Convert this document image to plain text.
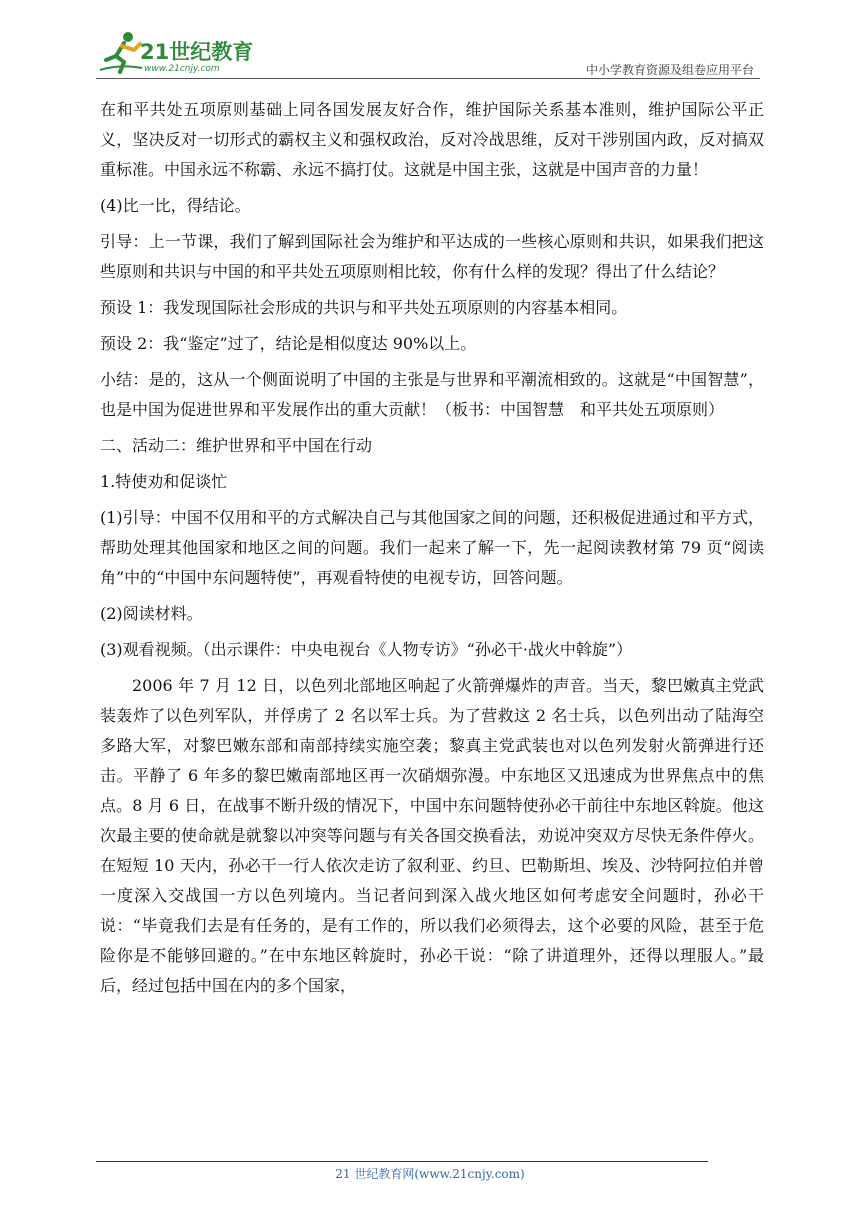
21世纪教育
www.21cnjy.com	中小学教育资源及组卷应用平台

在和平共处五项原则基础上同各国发展友好合作，维护国际关系基本准则，维护国际公平正义，坚决反对一切形式的霸权主义和强权政治，反对冷战思维，反对干涉别国内政，反对搞双重标准。中国永远不称霸、永远不搞打仗。这就是中国主张，这就是中国声音的力量！

(4)比一比，得结论。

引导：上一节课，我们了解到国际社会为维护和平达成的一些核心原则和共识，如果我们把这些原则和共识与中国的和平共处五项原则相比较，你有什么样的发现？得出了什么结论？

预设 1：我发现国际社会形成的共识与和平共处五项原则的内容基本相同。

预设 2：我“鉴定”过了，结论是相似度达 90%以上。

小结：是的，这从一个侧面说明了中国的主张是与世界和平潮流相致的。这就是“中国智慧”，也是中国为促进世界和平发展作出的重大贡献！（板书：中国智慧　和平共处五项原则）

二、活动二：维护世界和平中国在行动

1.特使劝和促谈忙

(1)引导：中国不仅用和平的方式解决自己与其他国家之间的问题，还积极促进通过和平方式，帮助处理其他国家和地区之间的问题。我们一起来了解一下，先一起阅读教材第 79 页“阅读角”中的“中国中东问题特使”，再观看特使的电视专访，回答问题。

(2)阅读材料。

(3)观看视频。（出示课件：中央电视台《人物专访》“孙必干·战火中斡旋”）

2006 年 7 月 12 日，以色列北部地区响起了火箭弹爆炸的声音。当天，黎巴嫩真主党武装轰炸了以色列军队，并俘虏了 2 名以军士兵。为了营救这 2 名士兵，以色列出动了陆海空多路大军，对黎巴嫩东部和南部持续实施空袭；黎真主党武装也对以色列发射火箭弹进行还击。平静了 6 年多的黎巴嫩南部地区再一次硝烟弥漫。中东地区又迅速成为世界焦点中的焦点。8 月 6 日，在战事不断升级的情况下，中国中东问题特使孙必干前往中东地区斡旋。他这次最主要的使命就是就黎以冲突等问题与有关各国交换看法，劝说冲突双方尽快无条件停火。在短短 10 天内，孙必干一行人依次走访了叙利亚、约旦、巴勒斯坦、埃及、沙特阿拉伯并曾一度深入交战国一方以色列境内。当记者问到深入战火地区如何考虑安全问题时，孙必干说：“毕竟我们去是有任务的，是有工作的，所以我们必须得去，这个必要的风险，甚至于危险你是不能够回避的。”在中东地区斡旋时，孙必干说：“除了讲道理外，还得以理服人。”最后，经过包括中国在内的多个国家，

21 世纪教育网(www.21cnjy.com)
